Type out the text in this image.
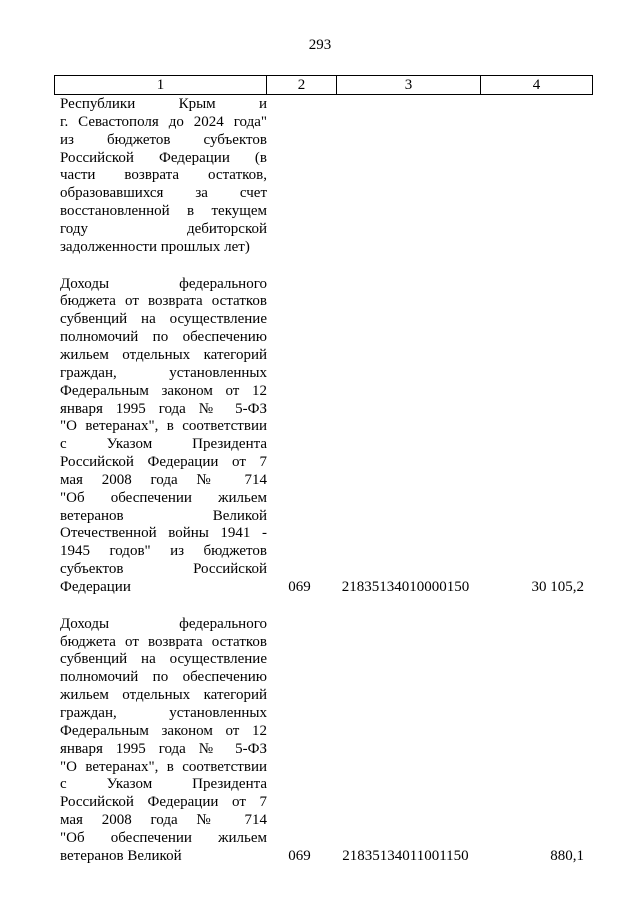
293
1	2	3	4
Республики Крым и
г. Севастополя до 2024 года"
из бюджетов субъектов
Российской Федерации (в
части возврата остатков,
образовавшихся за счет
восстановленной в текущем
году дебиторской
задолженности прошлых лет)
Доходы федерального
бюджета от возврата остатков
субвенций на осуществление
полномочий по обеспечению
жильем отдельных категорий
граждан, установленных
Федеральным законом от 12
января 1995 года № 5-ФЗ
"О ветеранах", в соответствии
с Указом Президента
Российской Федерации от 7
мая 2008 года № 714
"Об обеспечении жильем
ветеранов Великой
Отечественной войны 1941 -
1945 годов" из бюджетов
субъектов Российской
Федерации	069	21835134010000150	30 105,2
Доходы федерального
бюджета от возврата остатков
субвенций на осуществление
полномочий по обеспечению
жильем отдельных категорий
граждан, установленных
Федеральным законом от 12
января 1995 года № 5-ФЗ
"О ветеранах", в соответствии
с Указом Президента
Российской Федерации от 7
мая 2008 года № 714
"Об обеспечении жильем
ветеранов Великой	069	21835134011001150	880,1
